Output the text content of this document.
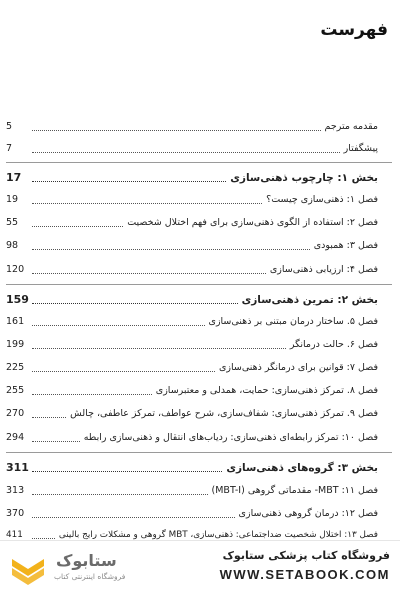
فهرست
مقدمه مترجم
5
پیشگفتار
7
بخش ۱: چارچوب ذهنی‌سازی
17
فصل ۱: ذهنی‌سازی چیست؟
19
فصل ۲: استفاده از الگوی ذهنی‌سازی برای فهم اختلال شخصیت
55
فصل ۳: همبودی
98
فصل ۴: ارزیابی ذهنی‌سازی
120
بخش ۲: تمرین ذهنی‌سازی
159
فصل ۵. ساختار درمان مبتنی بر ذهنی‌سازی
161
فصل ۶. حالت درمانگر
199
فصل ۷: قوانین برای درمانگر ذهنی‌سازی
225
فصل ۸. تمرکز ذهنی‌سازی: حمایت، همدلی و معتبرسازی
255
فصل ۹. تمرکز ذهنی‌سازی: شفاف‌سازی، شرح عواطف، تمرکز عاطفی، چالش
270
فصل ۱۰: تمرکز رابطه‌ای ذهنی‌سازی: ردیاب‌های انتقال و ذهنی‌سازی رابطه
294
بخش ۳: گروه‌های ذهنی‌سازی
311
فصل ۱۱: MBT- مقدماتی گروهی (MBT-I)
313
فصل ۱۲: درمان گروهی ذهنی‌سازی
370
فصل ۱۳: اختلال شخصیت ضداجتماعی: ذهنی‌سازی، MBT گروهی و مشکلات رایج بالینی
411
ستابوک
فروشگاه اینترنتی کتاب
فروشگاه کتاب پزشکی ستابوک
WWW.SETABOOK.COM
